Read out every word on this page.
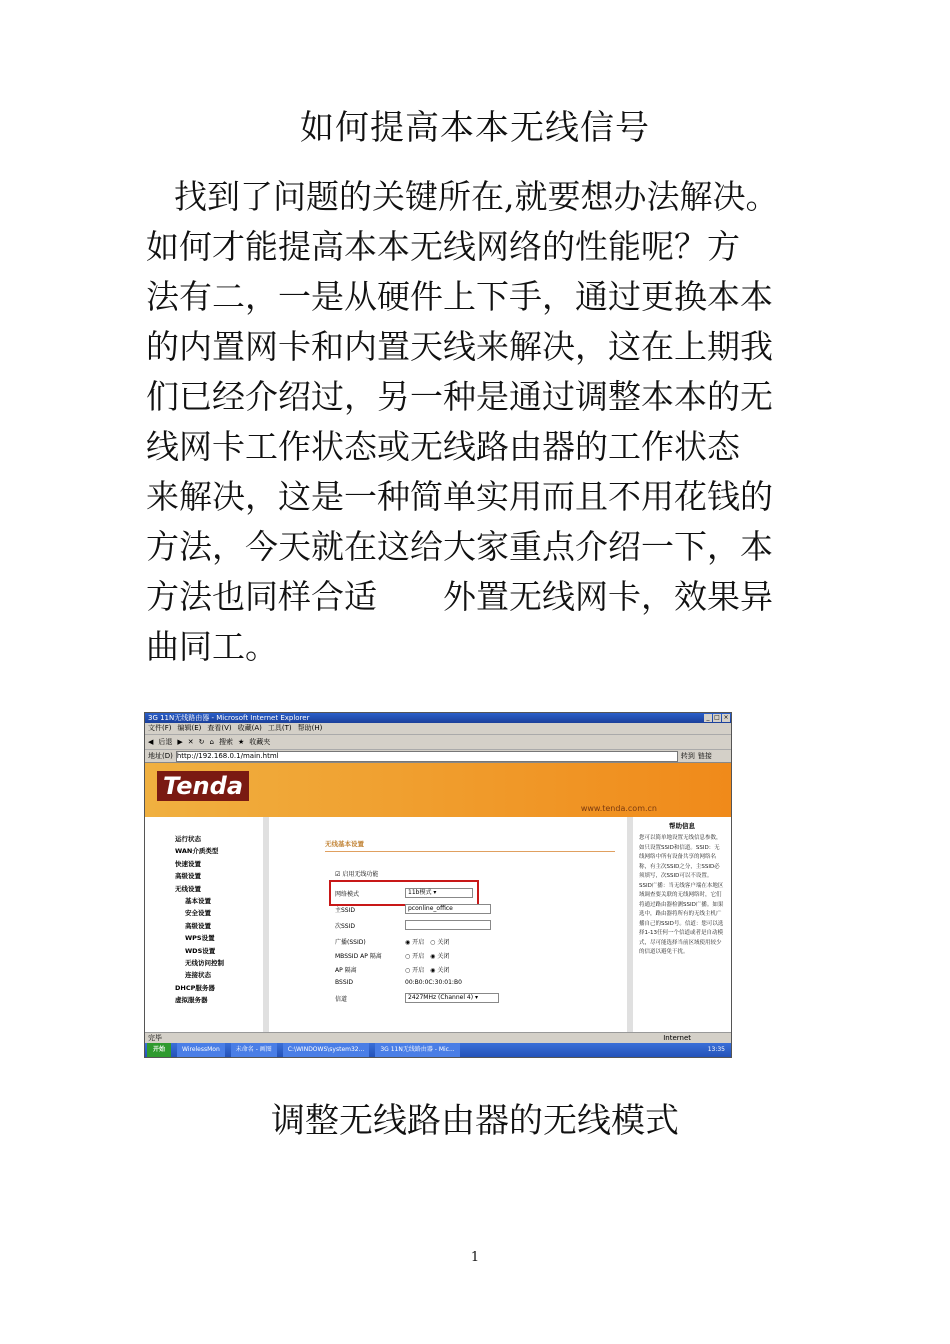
如何提高本本无线信号
找到了问题的关键所在,就要想办法解决。
如何才能提高本本无线网络的性能呢？方
法有二，一是从硬件上下手，通过更换本本
的内置网卡和内置天线来解决，这在上期我
们已经介绍过，另一种是通过调整本本的无
线网卡工作状态或无线路由器的工作状态
来解决，这是一种简单实用而且不用花钱的
方法，今天就在这给大家重点介绍一下，本
方法也同样合适　　外置无线网卡，效果异
曲同工。
3G 11N无线路由器 - Microsoft Internet Explorer	_ □ ×
文件(F) 编辑(E) 查看(V) 收藏(A) 工具(T) 帮助(H)
◀ 后退 ▶ ✕ ↻ ⌂ 搜索 ★ 收藏夹
地址(D) http://192.168.0.1/main.html	转到 链接
Tenda
www.tenda.com.cn
运行状态
WAN介质类型
快速设置
高级设置
无线设置
基本设置
安全设置
高级设置
WPS设置
WDS设置
无线访问控制
连接状态
DHCP服务器
虚拟服务器
无线基本设置
☑ 启用无线功能
网络模式	11b模式 ▾
主SSID	pconline_office
次SSID
广播(SSID)	◉ 开启　○ 关闭
MBSSID AP 隔离	○ 开启　◉ 关闭
AP 隔离	○ 开启　◉ 关闭
BSSID	00:B0:0C:30:01:B0
信道	2427MHz (Channel 4) ▾
帮助信息
您可以简单地设置无线信息参数，如只设置SSID和信道。SSID：无线网络中所有设备共享的网络名称，有主次SSID之分，主SSID必须填写，次SSID可以不设置。SSID广播：当无线客户端在本地区域调查要关联的无线网络时，它们将通过路由器检测SSID广播。如果选中，路由器将所有的无线主机广播自己的SSID号。信道：您可以选择1-13任何一个信道或者是自动模式，尽可能选择当前区域使用较少的信道以避免干扰。
完毕	Internet
开始	WirelessMon	未命名 - 画图	C:\WINDOWS\system32...	3G 11N无线路由器 - Mic...	13:35
调整无线路由器的无线模式
1
